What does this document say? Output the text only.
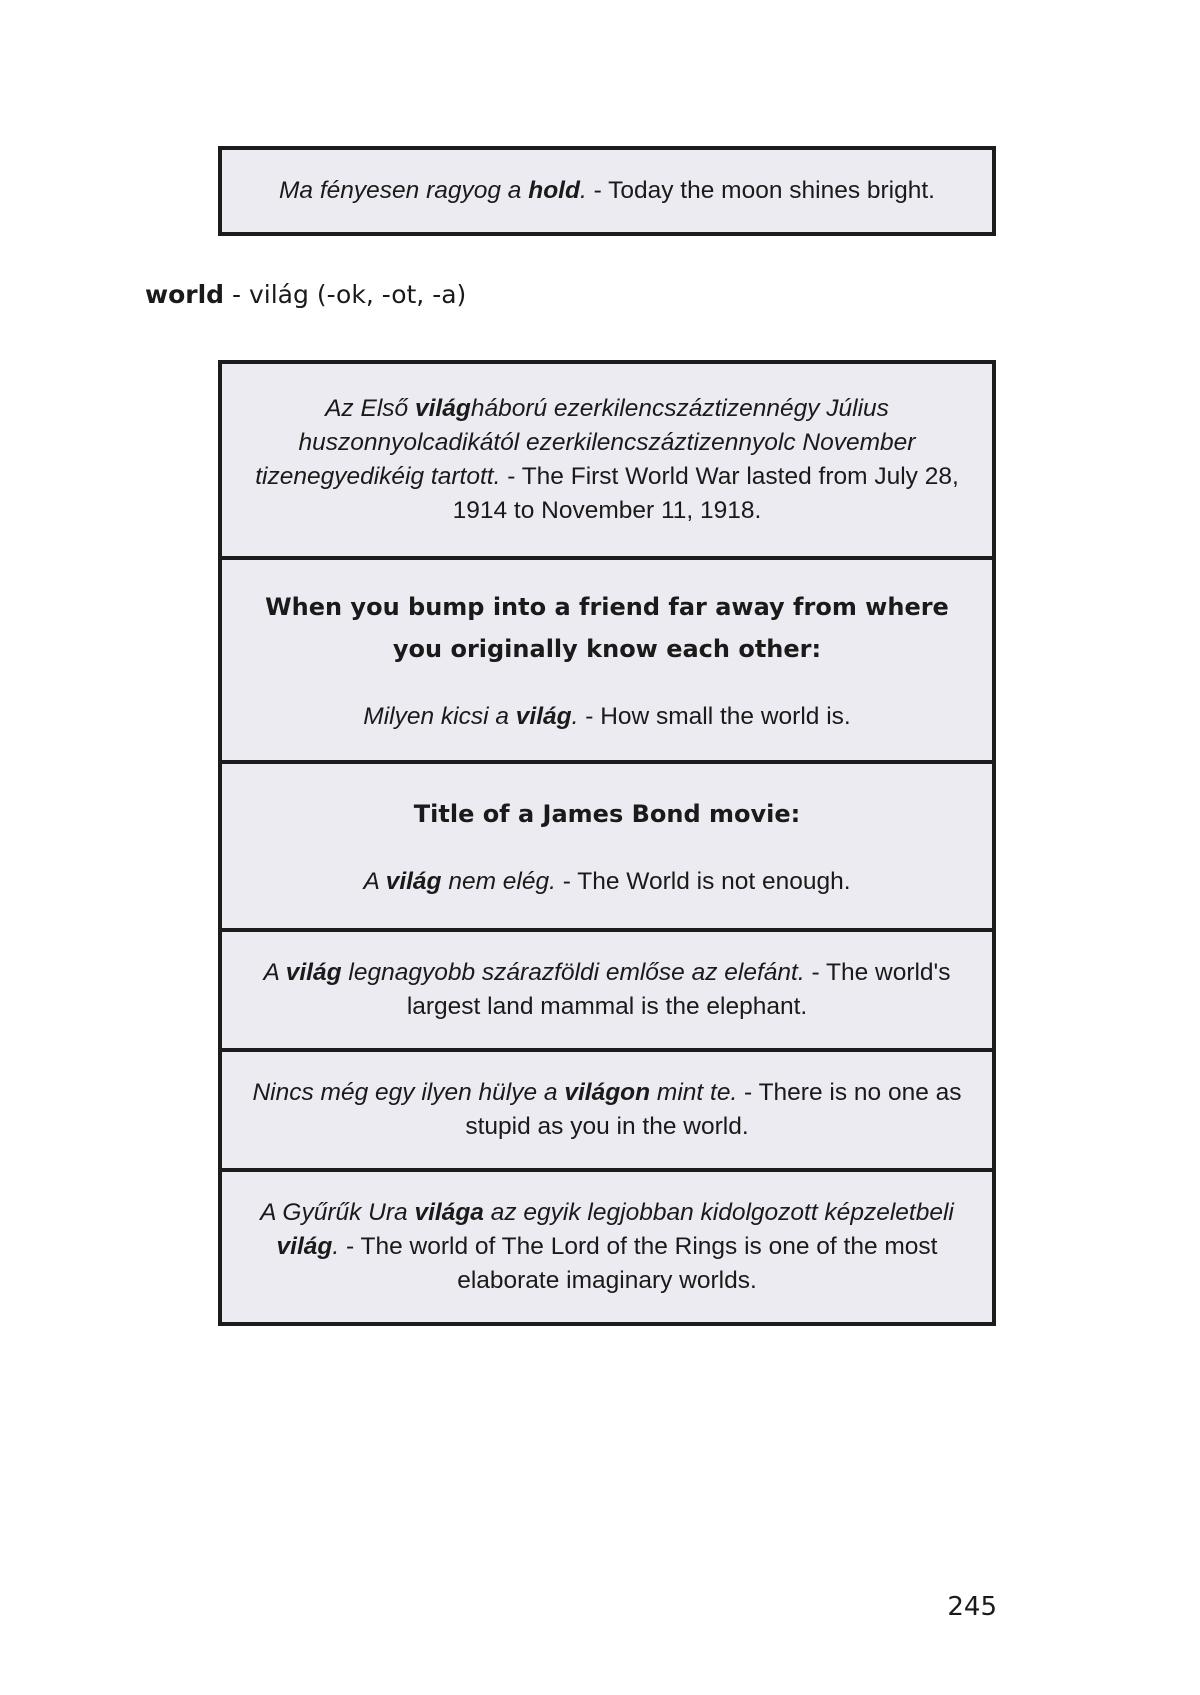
Ma fényesen ragyog a hold. - Today the moon shines bright.
world - világ (-ok, -ot, -a)
Az Első világháború ezerkilencszáztizennégy Július huszonnyolcadikától ezerkilencszáztizennyolc November tizenegyedikéig tartott. - The First World War lasted from July 28, 1914 to November 11, 1918.
When you bump into a friend far away from where you originally know each other:
Milyen kicsi a világ. - How small the world is.
Title of a James Bond movie:
A világ nem elég. - The World is not enough.
A világ legnagyobb szárazföldi emlőse az elefánt. - The world's largest land mammal is the elephant.
Nincs még egy ilyen hülye a világon mint te. - There is no one as stupid as you in the world.
A Gyűrűk Ura világa az egyik legjobban kidolgozott képzeletbeli világ. - The world of The Lord of the Rings is one of the most elaborate imaginary worlds.
245
